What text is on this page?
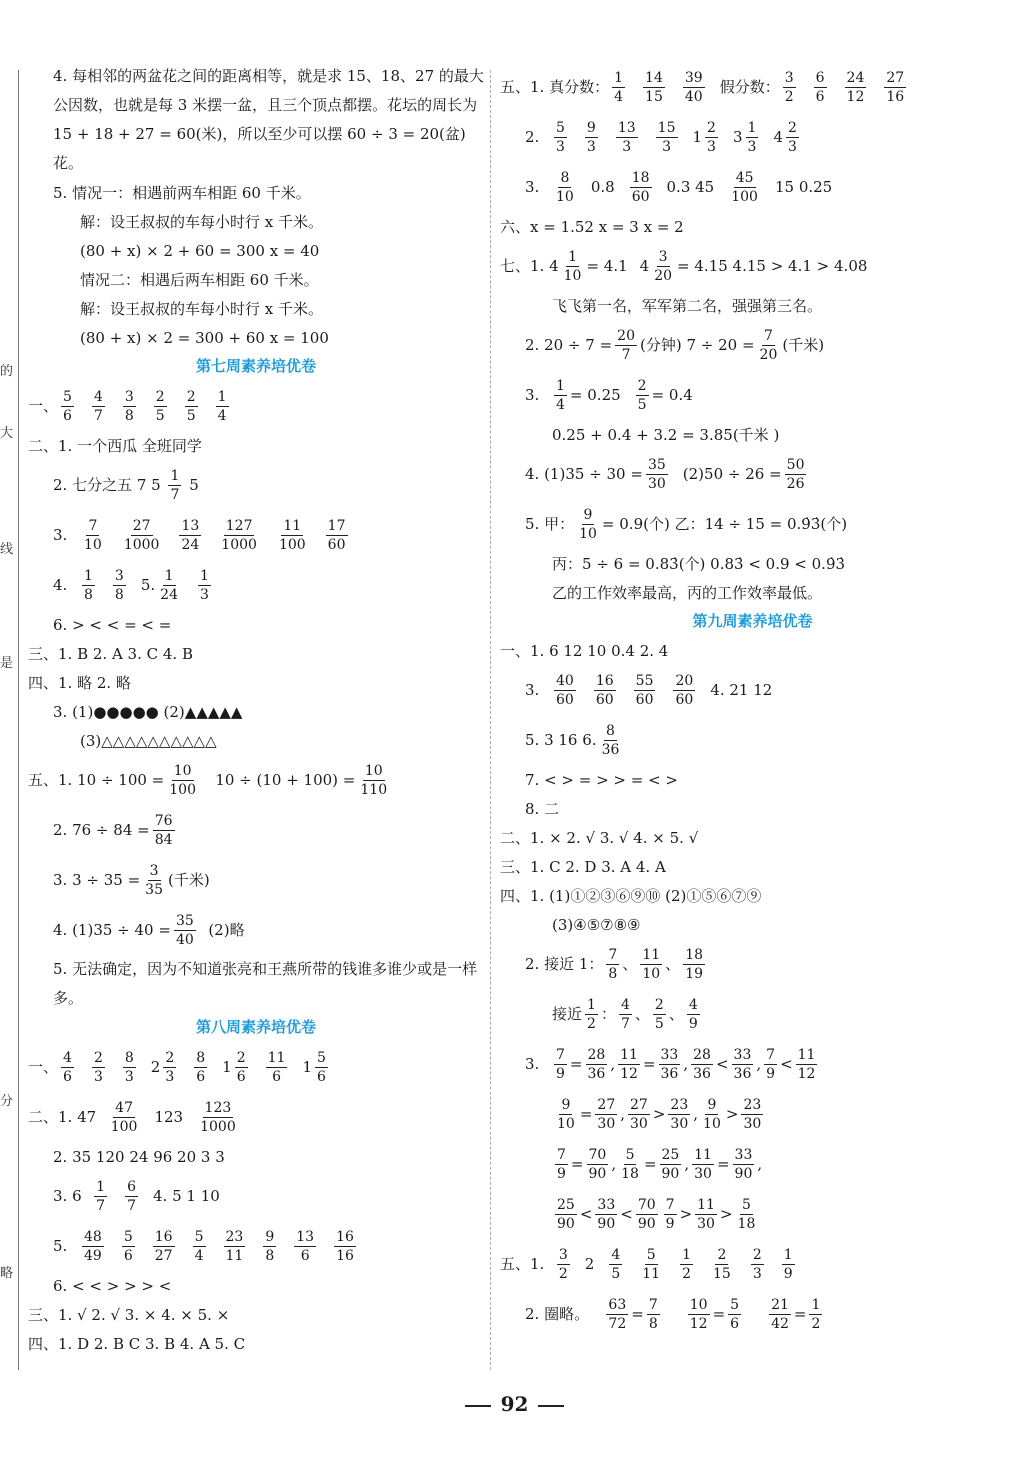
的
大
线
是
分
略
4. 每相邻的两盆花之间的距离相等，就是求 15、18、27 的最大公因数，也就是每 3 米摆一盆，且三个顶点都摆。花坛的周长为 15 + 18 + 27 = 60(米)，所以至少可以摆 60 ÷ 3 = 20(盆)花。
5. 情况一：相遇前两车相距 60 千米。
解：设王叔叔的车每小时行 x 千米。
(80 + x) × 2 + 60 = 300 x = 40
情况二：相遇后两车相距 60 千米。
解：设王叔叔的车每小时行 x 千米。
(80 + x) × 2 = 300 + 60 x = 100
第七周素养培优卷
一、 $\frac{5}{6} \frac{4}{7} \frac{3}{8} \frac{2}{5} \frac{2}{5} \frac{1}{4}$
二、1.
一个西瓜 全班同学
2. 七分之五 7 5
$\frac{1}{7}$
5
3.	$\frac{7}{10} \frac{27}{1000} \frac{13}{24} \frac{127}{1000} \frac{11}{100} \frac{17}{60}$
4.	$\frac{1}{8} \frac{3}{8} 5$. $\frac{1}{24} \frac{1}{3}$
6. > < < = < =
三、1. B 2. A 3. C 4. B
四、1. 略 2. 略
3. (1)●●●●● (2)▲▲▲▲▲
(3)△△△△△△△△△△
五、1.
$10 \div 100 = \frac{10}{100}$
$10 \div (10 + 100) = \frac{10}{110}$
2. $76 \div 84 = \frac{76}{84}$
3. $3 \div 35 = \frac{3}{35}$ (千米)
4. $(1)35 \div 40 = \frac{35}{40}$
(2)略
5. 无法确定，因为不知道张亮和王燕所带的钱谁多谁少或是一样多。
第八周素养培优卷
一、 $\frac{4}{6} \frac{2}{3} \frac{8}{3} 2 \frac{2}{3} \frac{8}{6} 1 \frac{2}{6} \frac{11}{6} 1 \frac{5}{6}$
二、1. 47
$\frac{47}{100} 123 \frac{123}{1000}$
2. 35 120 24 96 20 3 3
3. 6
$\frac{1}{7} \frac{6}{7} 4$. 5 1 10
5.	$\frac{48}{49} \frac{5}{6} \frac{16}{27} \frac{5}{4} \frac{23}{11} \frac{9}{8} \frac{13}{6} \frac{16}{16}$
6. < < > > > <
三、1. √ 2. √ 3. × 4. × 5. ×
四、1. D 2. B C 3. B 4. A 5. C
五、1.
真分数： $\frac{1}{4} \frac{14}{15} \frac{39}{40}$ 假分数： $\frac{3}{2} \frac{6}{6} \frac{24}{12} \frac{27}{16}$
2.	$\frac{5}{3} \frac{9}{3} \frac{13}{3} \frac{15}{3} 1 \frac{2}{3} 3 \frac{1}{3} 4 \frac{2}{3}$
3.	$\frac{8}{10} 0.8 \frac{18}{60} 0.3$ $45 \frac{45}{100} 15$ 0.25
六、x = 1.52 x = 3 x = 2
七、1.
$4 \frac{1}{10} = 4.1$ $4 \frac{3}{20} = 4.15$ 4.15 > 4.1 > 4.08
飞飞第一名，军军第二名，强强第三名。
2. $20 \div 7 = \frac{20}{7}$ (分钟) $7 \div 20 = \frac{7}{20}$ (千米)
3.	$\frac{1}{4} = 0.25 \frac{2}{5} = 0.4$
0.25 + 0.4 + 3.2 = 3.85(千米 )
4. $(1)35 \div 30 = \frac{35}{30} (2)50 \div 26 = \frac{50}{26}$
5. 甲： $\frac{9}{10} = 0.9$(个) 乙：14 ÷ 15 = 0.9̇3̇(个)
丙：5 ÷ 6 = 0.83̇(个) 0.83̇ < 0.9 < 0.9̇3̇
乙的工作效率最高，丙的工作效率最低。
第九周素养培优卷
一、1. 6 12 10 0.4 2. 4
3.	$\frac{40}{60} \frac{16}{60} \frac{55}{60} \frac{20}{60} 4$. 21 12
5. 3 16 6. $\frac{8}{36}$
7. < > = > > = < >
8. 二
二、1. × 2. √ 3. √ 4. × 5. √
三、1. C 2. D 3. A 4. A
四、1. (1)①②③⑥⑨⑩ (2)①⑤⑥⑦⑨
(3)④⑤⑦⑧⑨
2. 接近 1： $\frac{7}{8}$ 、 $\frac{11}{10}$ 、 $\frac{18}{19}$
接近 $\frac{1}{2}$ ： $\frac{4}{7}$ 、 $\frac{2}{5}$ 、 $\frac{4}{9}$
3.	$\frac{7}{9} = \frac{28}{36}$ , $\frac{11}{12} = \frac{33}{36}$ , $\frac{28}{36} < \frac{33}{36}$ , $\frac{7}{9} < \frac{11}{12}$
$\frac{9}{10} = \frac{27}{30}$ , $\frac{27}{30} > \frac{23}{30}$ , $\frac{9}{10} > \frac{23}{30}$
$\frac{7}{9} = \frac{70}{90}$ , $\frac{5}{18} = \frac{25}{90}$ , $\frac{11}{30} = \frac{33}{90}$ ,
$\frac{25}{90} < \frac{33}{90} < \frac{70}{90} \frac{7}{9} > \frac{11}{30} > \frac{5}{18}$
五、1.
$\frac{3}{2} 2 \frac{4}{5} \frac{5}{11} \frac{1}{2} \frac{2}{15} \frac{2}{3} \frac{1}{9}$
2. 圈略。
$\frac{63}{72} = \frac{7}{8} \frac{10}{12} = \frac{5}{6} \frac{21}{42} = \frac{1}{2}$
92
